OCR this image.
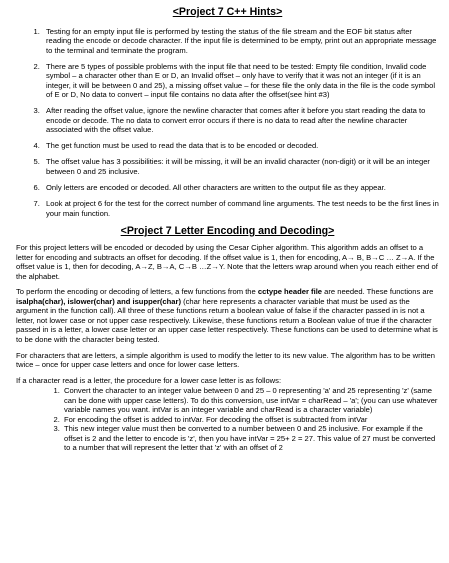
<Project 7 C++ Hints>
1. Testing for an empty input file is performed by testing the status of the file stream and the EOF bit status after reading the encode or decode character. If the input file is determined to be empty, print out an appropriate message to the terminal and terminate the program.
2. There are 5 types of possible problems with the input file that need to be tested: Empty file condition, Invalid code symbol – a character other than E or D, an Invalid offset – only have to verify that it was not an integer (if it is an integer, it will be between 0 and 25), a missing offset value – for these file the only data in the file is the code symbol of E or D, No data to convert – input file contains no data after the offset(see hint #3)
3. After reading the offset value, ignore the newline character that comes after it before you start reading the data to encode or decode. The no data to convert error occurs if there is no data to read after the newline character associated with the offset value.
4. The get function must be used to read the data that is to be encoded or decoded.
5. The offset value has 3 possibilities: it will be missing, it will be an invalid character (non-digit) or it will be an integer between 0 and 25 inclusive.
6. Only letters are encoded or decoded. All other characters are written to the output file as they appear.
7. Look at project 6 for the test for the correct number of command line arguments. The test needs to be the first lines in your main function.
<Project 7 Letter Encoding and Decoding>

For this project letters will be encoded or decoded by using the Cesar Cipher algorithm. This algorithm adds an offset to a letter for encoding and subtracts an offset for decoding. If the offset value is 1, then for encoding, A→ B, B→C … Z→A. If the offset value is 1, then for decoding, A→Z, B→A, C→B …Z→Y. Note that the letters wrap around when you reach either end of the alphabet.

To perform the encoding or decoding of letters, a few functions from the cctype header file are needed. These functions are isalpha(char), islower(char) and isupper(char) (char here represents a character variable that must be used as the argument in the function call). All three of these functions return a boolean value of false if the character passed in is not a letter, not lower case or not upper case respectively. Likewise, these functions return a Boolean value of true if the character passed in is a letter, a lower case letter or an upper case letter respectively. These functions can be used to determine what is to be done with the character being tested.

For characters that are letters, a simple algorithm is used to modify the letter to its new value. The algorithm has to be written twice – once for upper case letters and once for lower case letters.

If a character read is a letter, the procedure for a lower case letter is as follows:

1. Convert the character to an integer value between 0 and 25 – 0 representing 'a' and 25 representing 'z' (same can be done with upper case letters). To do this conversion, use intVar = charRead – 'a'; (you can use whatever variable names you want. intVar is an integer variable and charRead is a character variable)
2. For encoding the offset is added to intVar. For decoding the offset is subtracted from intVar
3. This new integer value must then be converted to a number between 0 and 25 inclusive. For example if the offset is 2 and the letter to encode is 'z', then you have intVar = 25+ 2 = 27. This value of 27 must be converted to a number that will represent the letter that 'z' with an offset of 2
